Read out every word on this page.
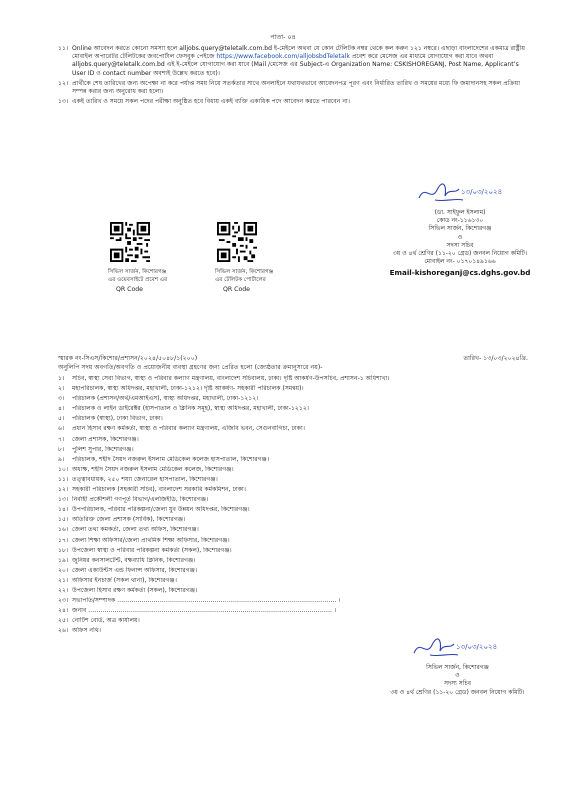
পাতা- ০৪
১১। Online আবেদন করতে কোনো সমস্যা হলে alljobs.query@teletalk.com.bd ই-মেইলে অথবা যে কোন টেলিটক নম্বর থেকে কল করুন ১২১ নম্বরে। এছাড়া বাংলাদেশের একমাত্র রাষ্ট্রীয় মোবাইল অপারেটর টেলিটকের জবপোর্টাল ফেসবুক পেইজে https://www.facebook.com/alljobsbdTeletalk প্রবেশ করে মেসেজ এর মাধ্যমে যোগাযোগ করা যাবে অথবা alljobs.query@teletalk.com.bd এই ই-মেইলে যোগাযোগ করা যাবে (Mail /মেসেজ এর Subject-এ Organization Name: CSKISHOREGANJ, Post Name, Applicant’s User ID ও contact number অবশ্যই উল্লেখ করতে হবে)।
১২। প্রার্থীকে শেষ তারিখের জন্য অপেক্ষা না করে পর্যাপ্ত সময় নিয়ে সতর্কতার সাথে অনলাইনে যথাযথভাবে আবেদনপত্র পূরণ এবং নির্ধারিত তারিখ ও সময়ের মধ্যে ফি জমাদানসহ সকল প্রক্রিয়া সম্পন্ন করার জন্য অনুরোধ করা হলো।
১৩। একই তারিখ ও সময়ে সকল পদের পরীক্ষা অনুষ্ঠিত হবে বিধায় একই ব্যক্তি একাধিক পদে আবেদন করতে পারবেন না।
১৩/০৩/২০২৪
(ডা. সাইফুল ইসলাম)
কোড নং-১১৬১৩০
সিভিল সার্জন, কিশোরগঞ্জ
ও
সদস্য সচিব
৩য় ও ৪র্থ শ্রেণির (১১-২০ গ্রেড) জনবল নিয়োগ কমিটি।
মোবাইল নং- ০১৭০১৪৯১৬৬
Email-kishoreganj@cs.dghs.gov.bd
সিভিল সার্জন, কিশোরগঞ্জ
এর ওয়েবসাইটে প্রবেশ এর
QR Code
সিভিল সার্জন, কিশোরগঞ্জ
এর টেলিটক পোর্টালের
QR Code
স্মারক নং-সিএস/কিশোর/প্রশাসন/২০২৪/৫০৪৮/১(২০০)	তারিখ- ১৩/০৩/২০২৪খ্রি.
অনুলিপি সদয় অবগতি/অবগতি ও প্রয়োজনীয় ব্যবস্থা গ্রহণের জন্য প্রেরিত হলো (জ্যেষ্ঠতার ক্রমানুসারে নয়)-
১।	সচিব, স্বাস্থ্য সেবা বিভাগ, স্বাস্থ্য ও পরিবার কল্যাণ মন্ত্রণালয়, বাংলাদেশ সচিবালয়, ঢাকা। দৃষ্টি আকর্ষণ-উপসচিব, প্রশাসন-১ অধিশাখা।
২।	মহাপরিচালক, স্বাস্থ্য অধিদপ্তর, মহাখালী, ঢাকা-১২১২। দৃষ্টি আকর্ষণ- সহকারী পরিচালক (সমন্বয়)।
৩।	পরিচালক (প্রশাসন/অর্থ/এমআইএস), স্বাস্থ্য অধিদপ্তর, মহাখালী, ঢাকা-১২১২।
৪।	পরিচালক ও লাইন ডাইরেক্টর (হাসপাতাল ও ক্লিনিক সমূহ), স্বাস্থ্য অধিদপ্তর, মহাখালী, ঢাকা-১২১২।
৫।	পরিচালক (স্বাস্থ্য), ঢাকা বিভাগ, ঢাকা।
৬।	প্রধান হিসাব রক্ষণ কর্মকর্তা, স্বাস্থ্য ও পরিবার কল্যাণ মন্ত্রণালয়, এজিবি ভবন, সেগুনবাগিচা, ঢাকা।
৭।	জেলা প্রশাসক, কিশোরগঞ্জ।
৮।	পুলিশ সুপার, কিশোরগঞ্জ।
৯।	পরিচালক, শহীদ সৈয়দ নজরুল ইসলাম মেডিকেল কলেজ হাসপাতাল, কিশোরগঞ্জ।
১০। অধ্যক্ষ, শহীদ সৈয়দ নজরুল ইসলাম মেডিকেল কলেজ, কিশোরগঞ্জ।
১১। তত্ত্বাবধায়ক, ২৫০ শয্যা জেনারেল হাসপাতাল, কিশোরগঞ্জ।
১২। সহকারী পরিচালক (সহকারী সচিব), বাংলাদেশ সরকারি কর্মকমিশন, ঢাকা।
১৩। নির্বাহী প্রকৌশলী গণপূর্ত বিভাগ/এলজিইডি, কিশোরগঞ্জ।
১৪। উপপরিচালক, পরিবার পরিকল্পনা/জেলা যুব উন্নয়ন অধিদপ্তর, কিশোরগঞ্জ।
১৫। অতিরিক্ত জেলা প্রশাসক (সার্বিক), কিশোরগঞ্জ।
১৬। জেলা তথ্য কমকর্তা, জেলা তথ্য অফিস, কিশোরগঞ্জ।
১৭। জেলা শিক্ষা অফিসার/জেলা প্রাথমিক শিক্ষা অফিসার, কিশোরগঞ্জ।
১৮। উপজেলা স্বাস্থ্য ও পরিবার পরিকল্পনা কর্মকর্তা (সকল), কিশোরগঞ্জ।
১৯। জুনিয়র কনসালটেন্ট, বক্ষব্যাধি ক্লিনিক, কিশোরগঞ্জ।
২০। জেলা একাউন্টস এন্ড ফিনান্স অফিসার, কিশোরগঞ্জ।
২১। অফিসার ইনচার্জ (সকল থানা), কিশোরগঞ্জ।
২২। উপজেলা হিসাব রক্ষণ কর্মকর্তা (সকল), কিশোরগঞ্জ।
২৩। সভাপতি/সম্পাদক ……………………………………………………………………………………………… ।
২৪। জনাব ………………………………………………………………………………………………………… ।
২৫। নোটিশ বোর্ড, অত্র কার্যালয়।
২৬। অফিস নথি।
১৩/০৩/২০২৪
সিভিল সার্জন, কিশোরগঞ্জ
ও
সদস্য সচিব
৩য় ও ৪র্থ শ্রেণির (১১-২০ গ্রেড) জনবল নিয়োগ কমিটি।
